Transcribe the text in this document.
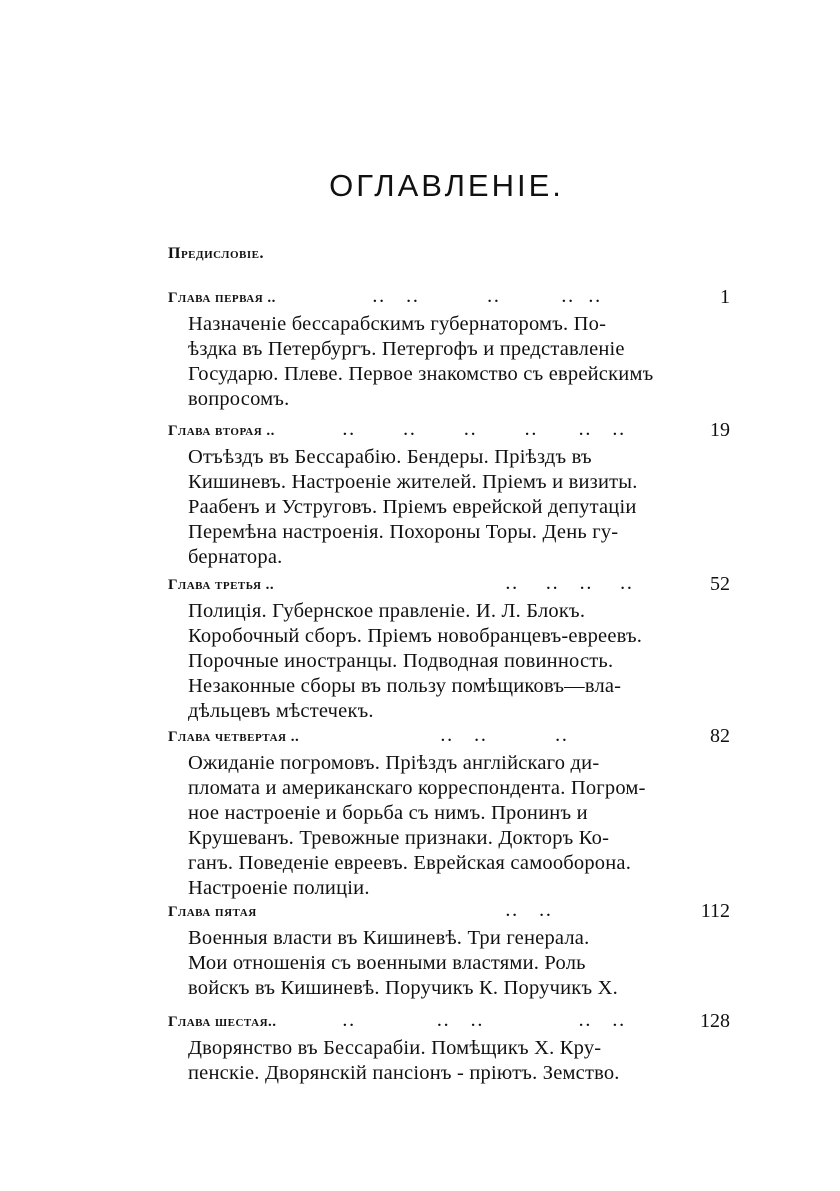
ОГЛАВЛЕНІЕ.
Предисловіе.
Глава первая ..	..   ..          ..         ..  ..	1

Назначеніе бессарабскимъ губернаторомъ. По-
ѣздка въ Петербургъ. Петергофъ и представленіе
Государю. Плеве. Первое знакомство съ еврейскимъ
вопросомъ.

Глава вторая ..	..       ..       ..       ..      ..   ..	19

Отъѣздъ въ Бессарабію. Бендеры. Пріѣздъ въ
Кишиневъ. Настроеніе жителей. Пріемъ и визиты.
Раабенъ и Уструговъ. Пріемъ еврейской депутаціи
Перемѣна настроенія. Похороны Торы. День гу-
бернатора.

Глава третья ..	..    ..   ..    ..	52

Полиція. Губернское правленіе. И. Л. Блокъ.
Коробочный сборъ. Пріемъ новобранцевъ-евреевъ.
Порочные иностранцы. Подводная повинность.
Незаконные сборы въ пользу помѣщиковъ—вла-
дѣльцевъ мѣстечекъ.

Глава четвертая ..	..   ..          ..	82

Ожиданіе погромовъ. Пріѣздъ англійскаго ди-
пломата и американскаго корреспондента. Погром-
ное настроеніе и борьба съ нимъ. Пронинъ и
Крушеванъ. Тревожные признаки. Докторъ Ко-
ганъ. Поведеніе евреевъ. Еврейская самооборона.
Настроеніе полиціи.

Глава пятая	..   ..	112

Военныя власти въ Кишиневѣ. Три генерала.
Мои отношенія съ военными властями. Роль
войскъ въ Кишиневѣ. Поручикъ К. Поручикъ Х.

Глава шестая..	..            ..   ..              ..   ..	128

Дворянство въ Бессарабіи. Помѣщикъ Х. Кру-
пенскіе. Дворянскій пансіонъ - пріютъ. Земство.
